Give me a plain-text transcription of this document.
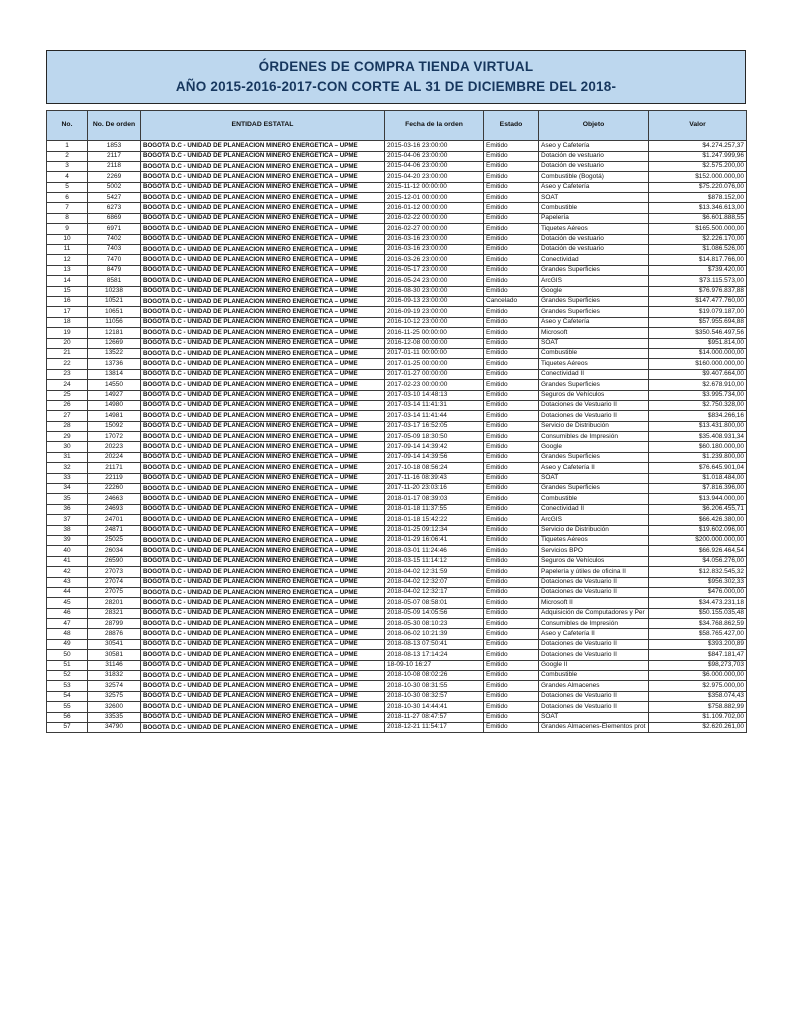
ÓRDENES DE COMPRA TIENDA VIRTUAL
AÑO 2015-2016-2017-CON CORTE AL 31 DE DICIEMBRE DEL 2018-
No.	No. De orden	ENTIDAD ESTATAL	Fecha de la orden	Estado	Objeto	Valor
1	1853	BOGOTA D.C - UNIDAD DE PLANEACION MINERO ENERGETICA – UPME	2015-03-16 23:00:00	Emitido	Aseo y Cafetería	$4.274.257,37
2	2117	BOGOTA D.C - UNIDAD DE PLANEACION MINERO ENERGETICA – UPME	2015-04-06 23:00:00	Emitido	Dotación de vestuario	$1.247.999,96
3	2118	BOGOTA D.C - UNIDAD DE PLANEACION MINERO ENERGETICA – UPME	2015-04-06 23:00:00	Emitido	Dotación de vestuario	$2.575.200,00
4	2269	BOGOTA D.C - UNIDAD DE PLANEACION MINERO ENERGETICA – UPME	2015-04-20 23:00:00	Emitido	Combustible (Bogotá)	$152.000.000,00
5	5002	BOGOTA D.C - UNIDAD DE PLANEACION MINERO ENERGETICA – UPME	2015-11-12 00:00:00	Emitido	Aseo y Cafetería	$75.220.076,00
6	5427	BOGOTA D.C - UNIDAD DE PLANEACION MINERO ENERGETICA – UPME	2015-12-01 00:00:00	Emitido	SOAT	$878.152,00
7	6273	BOGOTA D.C - UNIDAD DE PLANEACION MINERO ENERGETICA – UPME	2016-01-12 00:00:00	Emitido	Combustible	$13.346.613,00
8	6869	BOGOTA D.C - UNIDAD DE PLANEACION MINERO ENERGETICA – UPME	2016-02-22 00:00:00	Emitido	Papelería	$6.601.888,55
9	6971	BOGOTA D.C - UNIDAD DE PLANEACION MINERO ENERGETICA – UPME	2016-02-27 00:00:00	Emitido	Tiquetes Aéreos	$165.500.000,00
10	7402	BOGOTA D.C - UNIDAD DE PLANEACION MINERO ENERGETICA – UPME	2016-03-16 23:00:00	Emitido	Dotación de vestuario	$2.226.170,00
11	7403	BOGOTA D.C - UNIDAD DE PLANEACION MINERO ENERGETICA – UPME	2016-03-16 23:00:00	Emitido	Dotación de vestuario	$1.086.526,00
12	7470	BOGOTA D.C - UNIDAD DE PLANEACION MINERO ENERGETICA – UPME	2016-03-26 23:00:00	Emitido	Conectividad	$14.817.766,00
13	8479	BOGOTA D.C - UNIDAD DE PLANEACION MINERO ENERGETICA – UPME	2016-05-17 23:00:00	Emitido	Grandes Superficies	$739.420,00
14	8581	BOGOTA D.C - UNIDAD DE PLANEACION MINERO ENERGETICA – UPME	2016-05-24 23:00:00	Emitido	ArcGIS	$73.115.573,00
15	10238	BOGOTA D.C - UNIDAD DE PLANEACION MINERO ENERGETICA – UPME	2016-08-30 23:00:00	Emitido	Google	$76.976.837,88
16	10521	BOGOTA D.C - UNIDAD DE PLANEACION MINERO ENERGETICA – UPME	2016-09-13 23:00:00	Cancelado	Grandes Superficies	$147.477.760,00
17	10651	BOGOTA D.C - UNIDAD DE PLANEACION MINERO ENERGETICA – UPME	2016-09-19 23:00:00	Emitido	Grandes Superficies	$19.079.187,00
18	11056	BOGOTA D.C - UNIDAD DE PLANEACION MINERO ENERGETICA – UPME	2016-10-12 23:00:00	Emitido	Aseo y Cafetería	$57.955.694,88
19	12181	BOGOTA D.C - UNIDAD DE PLANEACION MINERO ENERGETICA – UPME	2016-11-25 00:00:00	Emitido	Microsoft	$350.546.497,56
20	12669	BOGOTA D.C - UNIDAD DE PLANEACION MINERO ENERGETICA – UPME	2016-12-08 00:00:00	Emitido	SOAT	$951.814,00
21	13522	BOGOTA D.C - UNIDAD DE PLANEACION MINERO ENERGETICA – UPME	2017-01-11 00:00:00	Emitido	Combustible	$14.000.000,00
22	13736	BOGOTA D.C - UNIDAD DE PLANEACION MINERO ENERGETICA – UPME	2017-01-25 00:00:00	Emitido	Tiquetes Aéreos	$160.000.000,00
23	13814	BOGOTA D.C - UNIDAD DE PLANEACION MINERO ENERGETICA – UPME	2017-01-27 00:00:00	Emitido	Conectividad II	$9.407.664,00
24	14550	BOGOTA D.C - UNIDAD DE PLANEACION MINERO ENERGETICA – UPME	2017-02-23 00:00:00	Emitido	Grandes Superficies	$2.678.910,00
25	14927	BOGOTA D.C - UNIDAD DE PLANEACION MINERO ENERGETICA – UPME	2017-03-10 14:48:13	Emitido	Seguros de Vehículos	$3.995.734,00
26	14980	BOGOTA D.C - UNIDAD DE PLANEACION MINERO ENERGETICA – UPME	2017-03-14 11:41:31	Emitido	Dotaciones de Vestuario II	$2.750.328,00
27	14981	BOGOTA D.C - UNIDAD DE PLANEACION MINERO ENERGETICA – UPME	2017-03-14 11:41:44	Emitido	Dotaciones de Vestuario II	$834.266,16
28	15092	BOGOTA D.C - UNIDAD DE PLANEACION MINERO ENERGETICA – UPME	2017-03-17 16:52:05	Emitido	Servicio de Distribución	$13.431.800,00
29	17072	BOGOTA D.C - UNIDAD DE PLANEACION MINERO ENERGETICA – UPME	2017-05-09 18:30:50	Emitido	Consumibles de Impresión	$35.408.931,34
30	20223	BOGOTA D.C - UNIDAD DE PLANEACION MINERO ENERGETICA – UPME	2017-09-14 14:39:42	Emitido	Google	$60.180.000,00
31	20224	BOGOTA D.C - UNIDAD DE PLANEACION MINERO ENERGETICA – UPME	2017-09-14 14:39:56	Emitido	Grandes Superficies	$1.239.800,00
32	21171	BOGOTA D.C - UNIDAD DE PLANEACION MINERO ENERGETICA – UPME	2017-10-18 08:56:24	Emitido	Aseo y Cafetería II	$76.645.901,04
33	22119	BOGOTA D.C - UNIDAD DE PLANEACION MINERO ENERGETICA – UPME	2017-11-16 08:39:43	Emitido	SOAT	$1.018.484,00
34	22260	BOGOTA D.C - UNIDAD DE PLANEACION MINERO ENERGETICA – UPME	2017-11-20 23:03:16	Emitido	Grandes Superficies	$7.816.396,00
35	24663	BOGOTA D.C - UNIDAD DE PLANEACION MINERO ENERGETICA – UPME	2018-01-17 08:39:03	Emitido	Combustible	$13.944.000,00
36	24693	BOGOTA D.C - UNIDAD DE PLANEACION MINERO ENERGETICA – UPME	2018-01-18 11:37:55	Emitido	Conectividad II	$6.206.455,71
37	24701	BOGOTA D.C - UNIDAD DE PLANEACION MINERO ENERGETICA – UPME	2018-01-18 15:42:22	Emitido	ArcGIS	$66.426.380,00
38	24871	BOGOTA D.C - UNIDAD DE PLANEACION MINERO ENERGETICA – UPME	2018-01-25 09:12:34	Emitido	Servicio de Distribución	$19.602.096,00
39	25025	BOGOTA D.C - UNIDAD DE PLANEACION MINERO ENERGETICA – UPME	2018-01-29 16:06:41	Emitido	Tiquetes Aéreos	$200.000.000,00
40	26034	BOGOTA D.C - UNIDAD DE PLANEACION MINERO ENERGETICA – UPME	2018-03-01 11:24:46	Emitido	Servicios BPO	$66.926.464,54
41	26590	BOGOTA D.C - UNIDAD DE PLANEACION MINERO ENERGETICA – UPME	2018-03-15 11:14:12	Emitido	Seguros de Vehículos	$4.056.276,00
42	27073	BOGOTA D.C - UNIDAD DE PLANEACION MINERO ENERGETICA – UPME	2018-04-02 12:31:59	Emitido	Papelería y útiles de oficina II	$12.832.545,32
43	27074	BOGOTA D.C - UNIDAD DE PLANEACION MINERO ENERGETICA – UPME	2018-04-02 12:32:07	Emitido	Dotaciones de Vestuario II	$956.302,33
44	27075	BOGOTA D.C - UNIDAD DE PLANEACION MINERO ENERGETICA – UPME	2018-04-02 12:32:17	Emitido	Dotaciones de Vestuario II	$476.000,00
45	28201	BOGOTA D.C - UNIDAD DE PLANEACION MINERO ENERGETICA – UPME	2018-05-07 08:58:01	Emitido	Microsoft II	$34.473.231,18
46	28321	BOGOTA D.C - UNIDAD DE PLANEACION MINERO ENERGETICA – UPME	2018-05-09 14:05:56	Emitido	Adquisición de Computadores y Per	$50.155.035,48
47	28799	BOGOTA D.C - UNIDAD DE PLANEACION MINERO ENERGETICA – UPME	2018-05-30 08:10:23	Emitido	Consumibles de Impresión	$34.768.862,59
48	28876	BOGOTA D.C - UNIDAD DE PLANEACION MINERO ENERGETICA – UPME	2018-06-02 10:21:39	Emitido	Aseo y Cafetería II	$58.765.427,00
49	30541	BOGOTA D.C - UNIDAD DE PLANEACION MINERO ENERGETICA – UPME	2018-08-13 07:50:41	Emitido	Dotaciones de Vestuario II	$393.200,89
50	30581	BOGOTA D.C - UNIDAD DE PLANEACION MINERO ENERGETICA – UPME	2018-08-13 17:14:24	Emitido	Dotaciones de Vestuario II	$847.181,47
51	31146	BOGOTA D.C - UNIDAD DE PLANEACION MINERO ENERGETICA – UPME	18-09-10 16:27	Emitido	Google II	$98,273,703
52	31832	BOGOTA D.C - UNIDAD DE PLANEACION MINERO ENERGETICA – UPME	2018-10-08 08:02:26	Emitido	Combustible	$6.000.000,00
53	32574	BOGOTA D.C - UNIDAD DE PLANEACION MINERO ENERGETICA – UPME	2018-10-30 08:31:55	Emitido	Grandes Almacenes	$2.975.000,00
54	32575	BOGOTA D.C - UNIDAD DE PLANEACION MINERO ENERGETICA – UPME	2018-10-30 08:32:57	Emitido	Dotaciones de Vestuario II	$358.074,43
55	32600	BOGOTA D.C - UNIDAD DE PLANEACION MINERO ENERGETICA – UPME	2018-10-30 14:44:41	Emitido	Dotaciones de Vestuario II	$758.882,99
56	33535	BOGOTA D.C - UNIDAD DE PLANEACION MINERO ENERGETICA – UPME	2018-11-27 08:47:57	Emitido	SOAT	$1.109.702,00
57	34790	BOGOTA D.C - UNIDAD DE PLANEACION MINERO ENERGETICA – UPME	2018-12-21 11:54:17	Emitido	Grandes Almacenes-Elementos prot	$2.620.261,00
